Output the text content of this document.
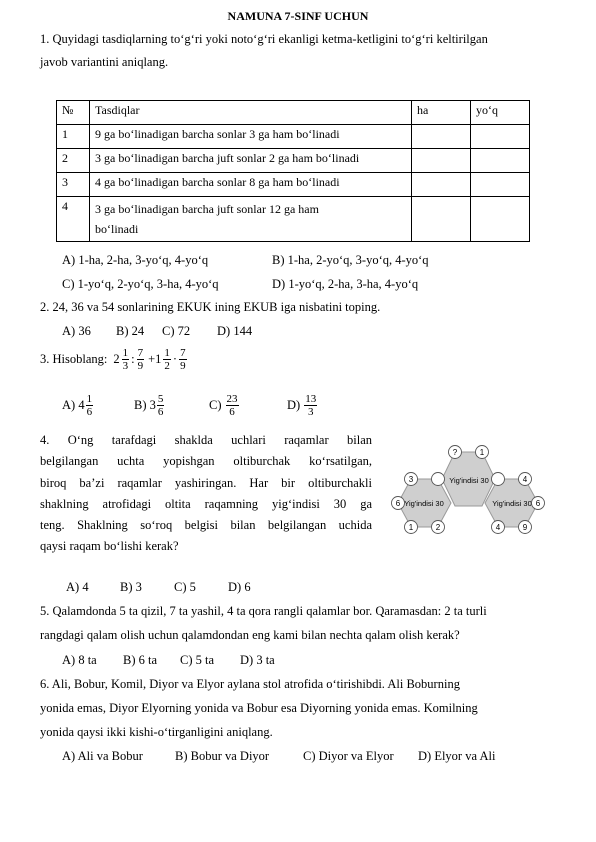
NAMUNA 7-SINF UCHUN
1. Quyidagi tasdiqlarning to‘g‘ri yoki noto‘g‘ri ekanligi ketma-ketligini to‘g‘ri keltirilgan
javob variantini aniqlang.
№	Tasdiqlar	ha	yo‘q
1	9 ga bo‘linadigan barcha sonlar 3 ga ham bo‘linadi		
2	3 ga bo‘linadigan barcha juft sonlar 2 ga ham bo‘linadi		
3	4 ga bo‘linadigan barcha sonlar 8 ga ham bo‘linadi		
4	3 ga bo‘linadigan barcha juft sonlar 12 ga ham
bo‘linadi		
A) 1-ha, 2-ha, 3-yo‘q, 4-yo‘q	B) 1-ha, 2-yo‘q, 3-yo‘q, 4-yo‘q
C) 1-yo‘q, 2-yo‘q, 3-ha, 4-yo‘q	D) 1-yo‘q, 2-ha, 3-ha, 4-yo‘q
2. 24, 36 va 54 sonlarining EKUK ining EKUB iga nisbatini toping.
A) 36 B) 24 C) 72 D) 144
3. Hisoblang: $2 \frac{1}{3}$ : $\frac{7}{9} +1 \frac{1}{2} \cdot \frac{7}{9}$
A) $4 \frac{1}{6}$	B) $3 \frac{5}{6}$	$C) \frac{23}{6}$	$D) \frac{13}{3}$

4. O‘ng tarafdagi shaklda uchlari raqamlar bilan

belgilangan uchta yopishgan oltiburchak ko‘rsatilgan,

biroq ba’zi raqamlar yashiringan. Har bir oltiburchakli

shaklning atrofidagi oltita raqamning yig‘indisi 30 ga

teng. Shaklning so‘roq belgisi bilan belgilangan uchida

qaysi raqam bo‘lishi kerak?

Yig'indisi 30
Yig'indisi 30	Yig'indisi 30
?	1
3	4
6	6
1	2	4	9
A) 4	B) 3	C) 5	D) 6
5. Qalamdonda 5 ta qizil, 7 ta yashil, 4 ta qora rangli qalamlar bor. Qaramasdan: 2 ta turli
rangdagi qalam olish uchun qalamdondan eng kami bilan nechta qalam olish kerak?
A) 8 ta B) 6 ta C) 5 ta D) 3 ta
6. Ali, Bobur, Komil, Diyor va Elyor aylana stol atrofida o‘tirishibdi. Ali Boburning
yonida emas, Diyor Elyorning yonida va Bobur esa Diyorning yonida emas. Komilning
yonida qaysi ikki kishi-o‘tirganligini aniqlang.
A) Ali va Bobur	B) Bobur va Diyor	C) Diyor va Elyor D) Elyor va Ali
